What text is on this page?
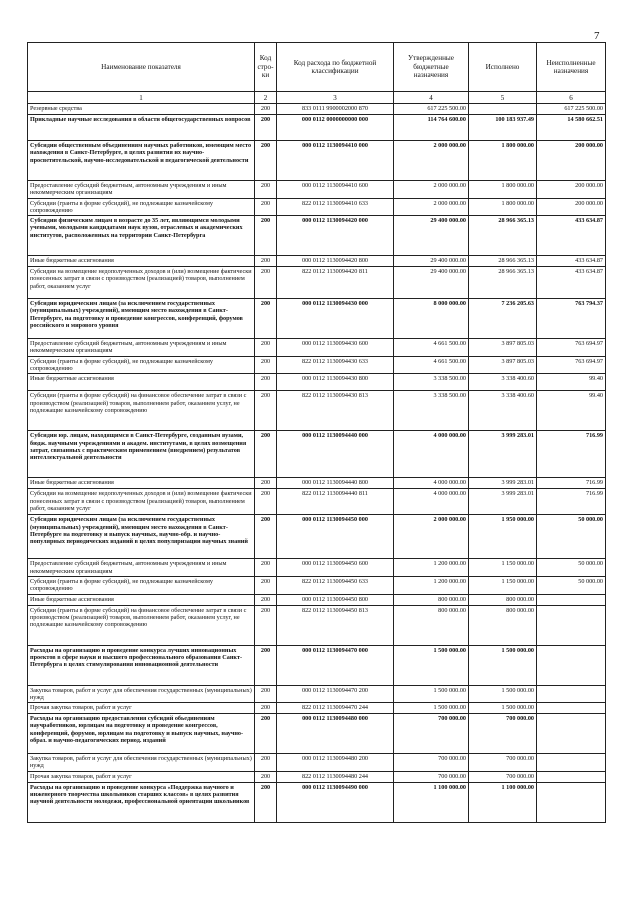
7
Наименование показателя	Код стро-ки	Код расхода по бюджетной классификации	Утвержденные бюджетные назначения	Исполнено	Неисполненные назначения
1	2	3	4	5	6
Резервные средства	200	833 0111 9900002000 870	617 225 500.00		617 225 500.00
Прикладные научные исследования в области общегосударственных вопросов	200	000 0112 0000000000 000	114 764 600.00	100 183 937.49	14 580 662.51
Субсидии общественным объединениям научных работников, имеющим место нахождения в Санкт-Петербурге, в целях развития их научно-просветительской, научно-исследовательской и педагогической деятельности	200	000 0112 1130094410 000	2 000 000.00	1 800 000.00	200 000.00
Предоставление субсидий бюджетным, автономным учреждениям и иным некоммерческим организациям	200	000 0112 1130094410 600	2 000 000.00	1 800 000.00	200 000.00
Субсидии (гранты в форме субсидий), не подлежащие казначейскому сопровождению	200	822 0112 1130094410 633	2 000 000.00	1 800 000.00	200 000.00
Субсидии физическим лицам в возрасте до 35 лет, являющимся молодыми учеными, молодыми кандидатами наук вузов, отраслевых и академических институтов, расположенных на территории Санкт-Петербурга	200	000 0112 1130094420 000	29 400 000.00	28 966 365.13	433 634.87
Иные бюджетные ассигнования	200	000 0112 1130094420 800	29 400 000.00	28 966 365.13	433 634.87
Субсидии на возмещение недополученных доходов и (или) возмещение фактически понесенных затрат в связи с производством (реализацией) товаров, выполнением работ, оказанием услуг	200	822 0112 1130094420 811	29 400 000.00	28 966 365.13	433 634.87
Субсидии юридическим лицам (за исключением государственных (муниципальных) учреждений), имеющим место нахождения в Санкт-Петербурге, на подготовку и проведение конгрессов, конференций, форумов российского и мирового уровня	200	000 0112 1130094430 000	8 000 000.00	7 236 205.63	763 794.37
Предоставление субсидий бюджетным, автономным учреждениям и иным некоммерческим организациям	200	000 0112 1130094430 600	4 661 500.00	3 897 805.03	763 694.97
Субсидии (гранты в форме субсидий), не подлежащие казначейскому сопровождению	200	822 0112 1130094430 633	4 661 500.00	3 897 805.03	763 694.97
Иные бюджетные ассигнования	200	000 0112 1130094430 800	3 338 500.00	3 338 400.60	99.40
Субсидии (гранты в форме субсидий) на финансовое обеспечение затрат в связи с производством (реализацией) товаров, выполнением работ, оказанием услуг, не подлежащие казначейскому сопровождению	200	822 0112 1130094430 813	3 338 500.00	3 338 400.60	99.40
Субсидии юр. лицам, находящимся в Санкт-Петербурге, созданным вузами, бюдж. научными учреждениями и академ. институтами, в целях возмещения затрат, связанных с практическим применением (внедрением) результатов интеллектуальной деятельности	200	000 0112 1130094440 000	4 000 000.00	3 999 283.01	716.99
Иные бюджетные ассигнования	200	000 0112 1130094440 800	4 000 000.00	3 999 283.01	716.99
Субсидии на возмещение недополученных доходов и (или) возмещение фактически понесенных затрат в связи с производством (реализацией) товаров, выполнением работ, оказанием услуг	200	822 0112 1130094440 811	4 000 000.00	3 999 283.01	716.99
Субсидии юридическим лицам (за исключением государственных (муниципальных) учреждений), имеющим место нахождения в Санкт-Петербурге на подготовку и выпуск научных, научно-обр. и научно-популярных периодических изданий в целях популяризации научных знаний	200	000 0112 1130094450 000	2 000 000.00	1 950 000.00	50 000.00
Предоставление субсидий бюджетным, автономным учреждениям и иным некоммерческим организациям	200	000 0112 1130094450 600	1 200 000.00	1 150 000.00	50 000.00
Субсидии (гранты в форме субсидий), не подлежащие казначейскому сопровождению	200	822 0112 1130094450 633	1 200 000.00	1 150 000.00	50 000.00
Иные бюджетные ассигнования	200	000 0112 1130094450 800	800 000.00	800 000.00	
Субсидии (гранты в форме субсидий) на финансовое обеспечение затрат в связи с производством (реализацией) товаров, выполнением работ, оказанием услуг, не подлежащие казначейскому сопровождению	200	822 0112 1130094450 813	800 000.00	800 000.00	
Расходы на организацию и проведение конкурса лучших инновационных проектов в сфере науки и высшего профессионального образования Санкт-Петербурга в целях стимулирования инновационной деятельности	200	000 0112 1130094470 000	1 500 000.00	1 500 000.00	
Закупка товаров, работ и услуг для обеспечения государственных (муниципальных) нужд	200	000 0112 1130094470 200	1 500 000.00	1 500 000.00	
Прочая закупка товаров, работ и услуг	200	822 0112 1130094470 244	1 500 000.00	1 500 000.00	
Расходы на организацию предоставления субсидий обьединениям научработников, юрлицам на подготовку и проведение конгрессов, конференций, форумов, юрлицам на подготовку и выпуск научных, научно-образ. и научно-педагогических период. изданий	200	000 0112 1130094480 000	700 000.00	700 000.00	
Закупка товаров, работ и услуг для обеспечения государственных (муниципальных) нужд	200	000 0112 1130094480 200	700 000.00	700 000.00	
Прочая закупка товаров, работ и услуг	200	822 0112 1130094480 244	700 000.00	700 000.00	
Расходы на организацию и проведение конкурса «Поддержка научного и инженерного творчества школьников старших классов» в целях развития научной деятельности молодежи, профессиональной ориентации школьников	200	000 0112 1130094490 000	1 100 000.00	1 100 000.00	
